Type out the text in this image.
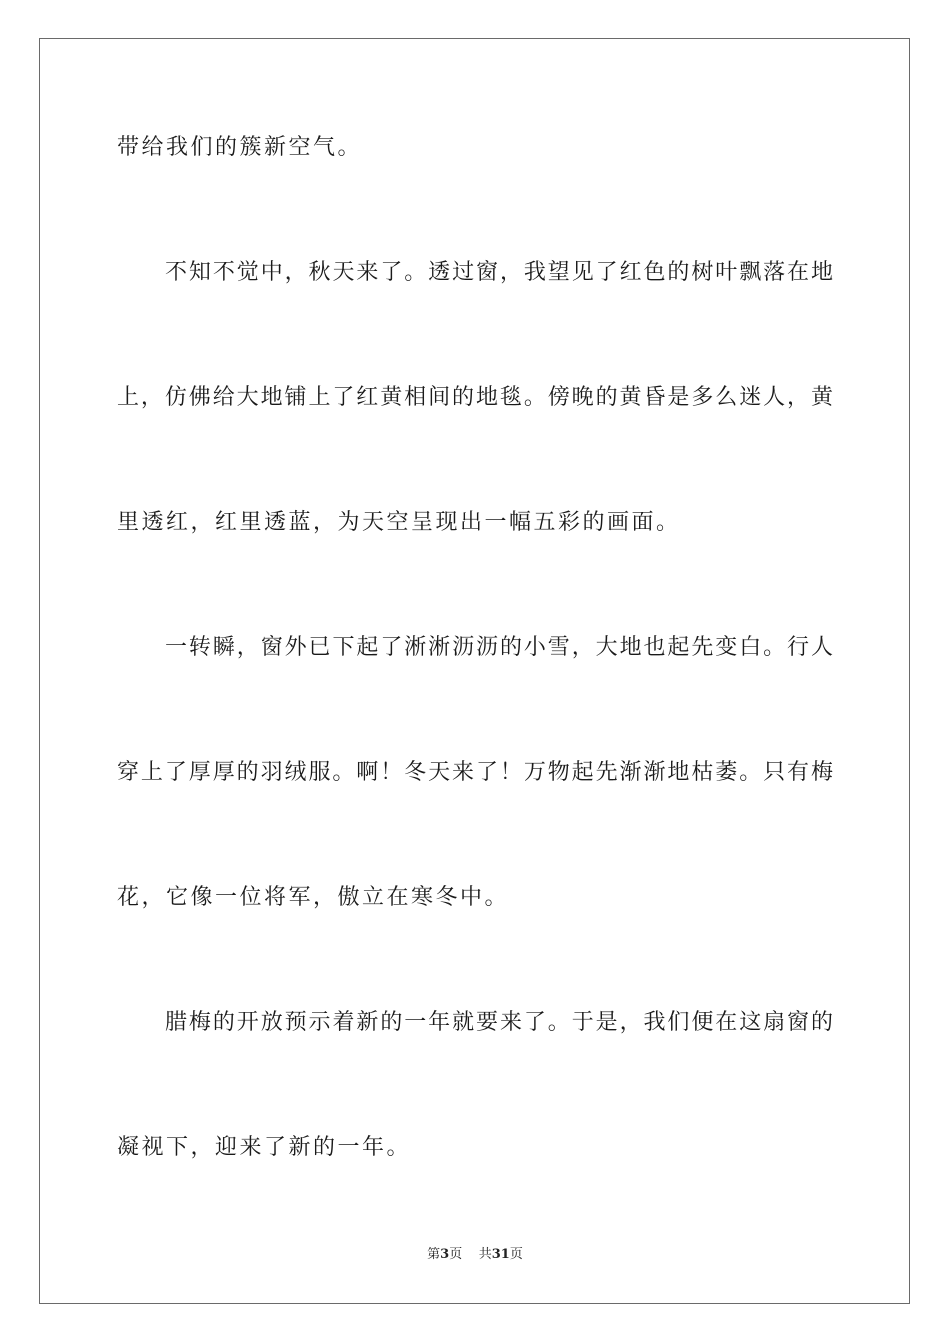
带给我们的簇新空气。
不知不觉中，秋天来了。透过窗，我望见了红色的树叶飘落在地
上，仿佛给大地铺上了红黄相间的地毯。傍晚的黄昏是多么迷人，黄
里透红，红里透蓝，为天空呈现出一幅五彩的画面。
一转瞬，窗外已下起了淅淅沥沥的小雪，大地也起先变白。行人
穿上了厚厚的羽绒服。啊！冬天来了！万物起先渐渐地枯萎。只有梅
花，它像一位将军，傲立在寒冬中。
腊梅的开放预示着新的一年就要来了。于是，我们便在这扇窗的
凝视下，迎来了新的一年。
第3页 共31页
